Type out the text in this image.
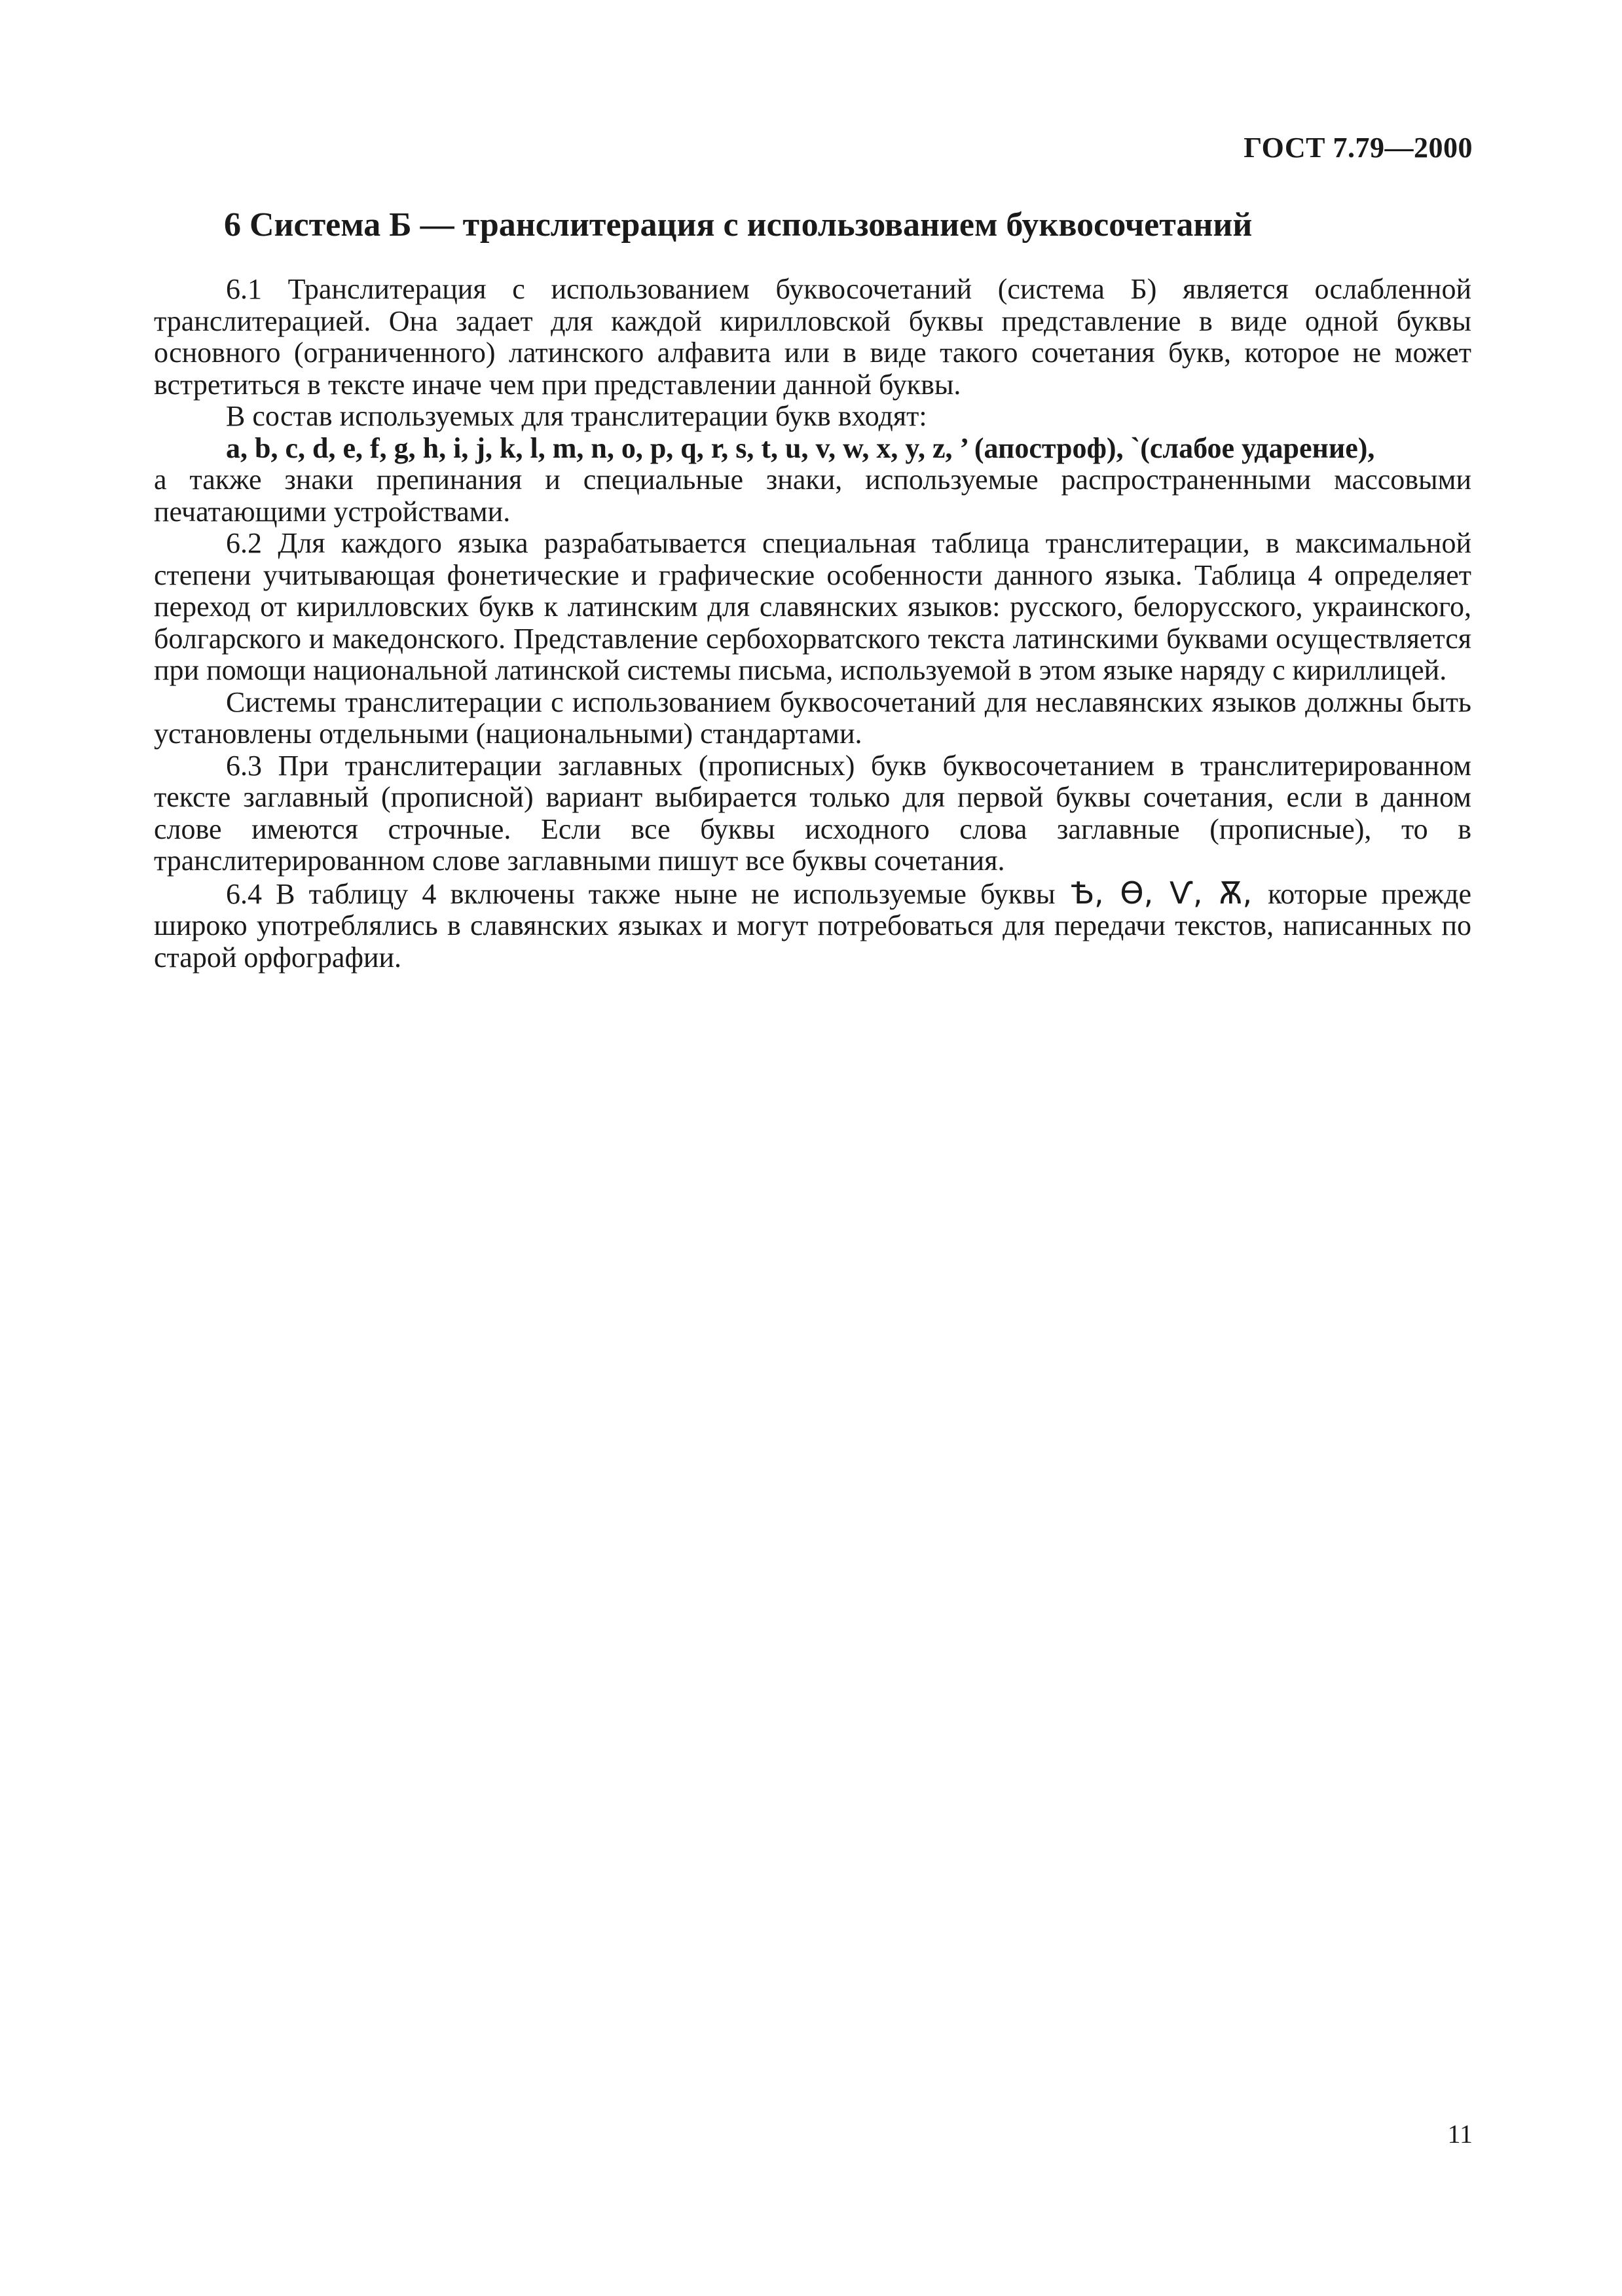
ГОСТ 7.79—2000
6 Система Б — транслитерация с использованием буквосочетаний

6.1 Транслитерация с использованием буквосочетаний (система Б) является ослабленной транслитерацией. Она задает для каждой кирилловской буквы представление в виде одной буквы основного (ограниченного) латинского алфавита или в виде такого сочетания букв, которое не может встретиться в тексте иначе чем при представлении данной буквы.

В состав используемых для транслитерации букв входят:

a, b, c, d, e, f, g, h, i, j, k, l, m, n, o, p, q, r, s, t, u, v, w, x, y, z, ’ (апостроф), `(слабое ударение),

а также знаки препинания и специальные знаки, используемые распространенными массовыми печатающими устройствами.

6.2 Для каждого языка разрабатывается специальная таблица транслитерации, в максимальной степени учитывающая фонетические и графические особенности данного языка. Таблица 4 определяет переход от кирилловских букв к латинским для славянских языков: русского, белорусского, украинского, болгарского и македонского. Представление сербохорватского текста латинскими буквами осуществляется при помощи национальной латинской системы письма, используемой в этом языке наряду с кириллицей.

Системы транслитерации с использованием буквосочетаний для неславянских языков должны быть установлены отдельными (национальными) стандартами.

6.3 При транслитерации заглавных (прописных) букв буквосочетанием в транслитерированном тексте заглавный (прописной) вариант выбирается только для первой буквы сочетания, если в данном слове имеются строчные. Если все буквы исходного слова заглавные (прописные), то в транслитерированном слове заглавными пишут все буквы сочетания.

6.4 В таблицу 4 включены также ныне не используемые буквы Ѣ, Ѳ, Ѵ, Ѫ, которые прежде широко употреблялись в славянских языках и могут потребоваться для передачи текстов, написанных по старой орфографии.

11
